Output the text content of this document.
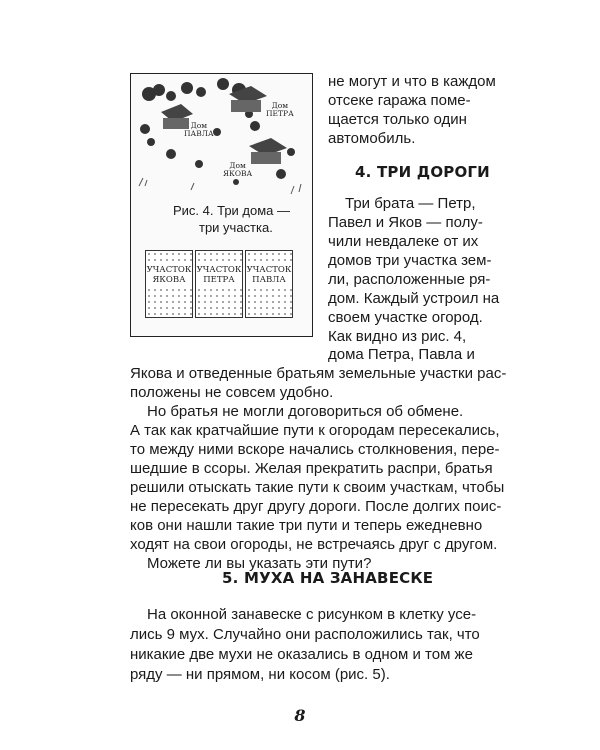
Дом
ПЕТРА
Дом
ПАВЛА
Дом
ЯКОВА
Рис. 4. Три дома —
три участка.
УЧАСТОК
ЯКОВА
УЧАСТОК
ПЕТРА
УЧАСТОК
ПАВЛА
не могут и что в каждом
отсеке гаража поме-
щается только один
автомобиль.
4. ТРИ ДОРОГИ
Три брата — Петр,
Павел и Яков — полу-
чили невдалеке от их
домов три участка зем-
ли, расположенные ря-
дом. Каждый устроил на
своем участке огород.
Как видно из рис. 4,
дома Петра, Павла и
Якова и отведенные братьям земельные участки рас-
положены не совсем удобно.
Но братья не могли договориться об обмене.
А так как кратчайшие пути к огородам пересекались,
то между ними вскоре начались столкновения, пере-
шедшие в ссоры. Желая прекратить распри, братья
решили отыскать такие пути к своим участкам, чтобы
не пересекать друг другу дороги. После долгих поис-
ков они нашли такие три пути и теперь ежедневно
ходят на свои огороды, не встречаясь друг с другом.
Можете ли вы указать эти пути?
5. МУХА НА ЗАНАВЕСКЕ
На оконной занавеске с рисунком в клетку усе-
лись 9 мух. Случайно они расположились так, что
никакие две мухи не оказались в одном и том же
ряду — ни прямом, ни косом (рис. 5).
8
